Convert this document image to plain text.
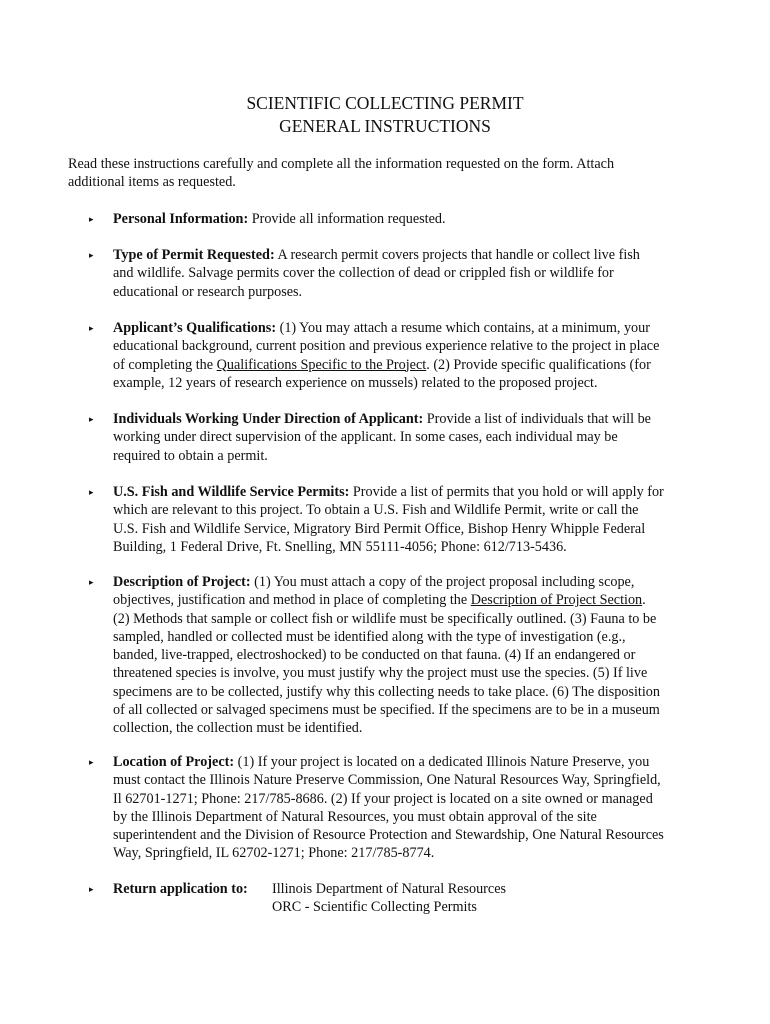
SCIENTIFIC COLLECTING PERMIT
GENERAL INSTRUCTIONS
Read these instructions carefully and complete all the information requested on the form. Attach
additional items as requested.
▸ Personal Information: Provide all information requested.
▸ Type of Permit Requested: A research permit covers projects that handle or collect live fish
and wildlife. Salvage permits cover the collection of dead or crippled fish or wildlife for
educational or research purposes.
▸ Applicant’s Qualifications: (1) You may attach a resume which contains, at a minimum, your
educational background, current position and previous experience relative to the project in place
of completing the Qualifications Specific to the Project. (2) Provide specific qualifications (for
example, 12 years of research experience on mussels) related to the proposed project.
▸ Individuals Working Under Direction of Applicant: Provide a list of individuals that will be
working under direct supervision of the applicant. In some cases, each individual may be
required to obtain a permit.
▸ U.S. Fish and Wildlife Service Permits: Provide a list of permits that you hold or will apply for
which are relevant to this project. To obtain a U.S. Fish and Wildlife Permit, write or call the
U.S. Fish and Wildlife Service, Migratory Bird Permit Office, Bishop Henry Whipple Federal
Building, 1 Federal Drive, Ft. Snelling, MN 55111-4056; Phone: 612/713-5436.
▸ Description of Project: (1) You must attach a copy of the project proposal including scope,
objectives, justification and method in place of completing the Description of Project Section.
(2) Methods that sample or collect fish or wildlife must be specifically outlined. (3) Fauna to be
sampled, handled or collected must be identified along with the type of investigation (e.g.,
banded, live-trapped, electroshocked) to be conducted on that fauna. (4) If an endangered or
threatened species is involve, you must justify why the project must use the species. (5) If live
specimens are to be collected, justify why this collecting needs to take place. (6) The disposition
of all collected or salvaged specimens must be specified. If the specimens are to be in a museum
collection, the collection must be identified.
▸ Location of Project: (1) If your project is located on a dedicated Illinois Nature Preserve, you
must contact the Illinois Nature Preserve Commission, One Natural Resources Way, Springfield,
Il 62701-1271; Phone: 217/785-8686. (2) If your project is located on a site owned or managed
by the Illinois Department of Natural Resources, you must obtain approval of the site
superintendent and the Division of Resource Protection and Stewardship, One Natural Resources
Way, Springfield, IL 62702-1271; Phone: 217/785-8774.
▸ Return application to: Illinois Department of Natural Resources

ORC - Scientific Collecting Permits
